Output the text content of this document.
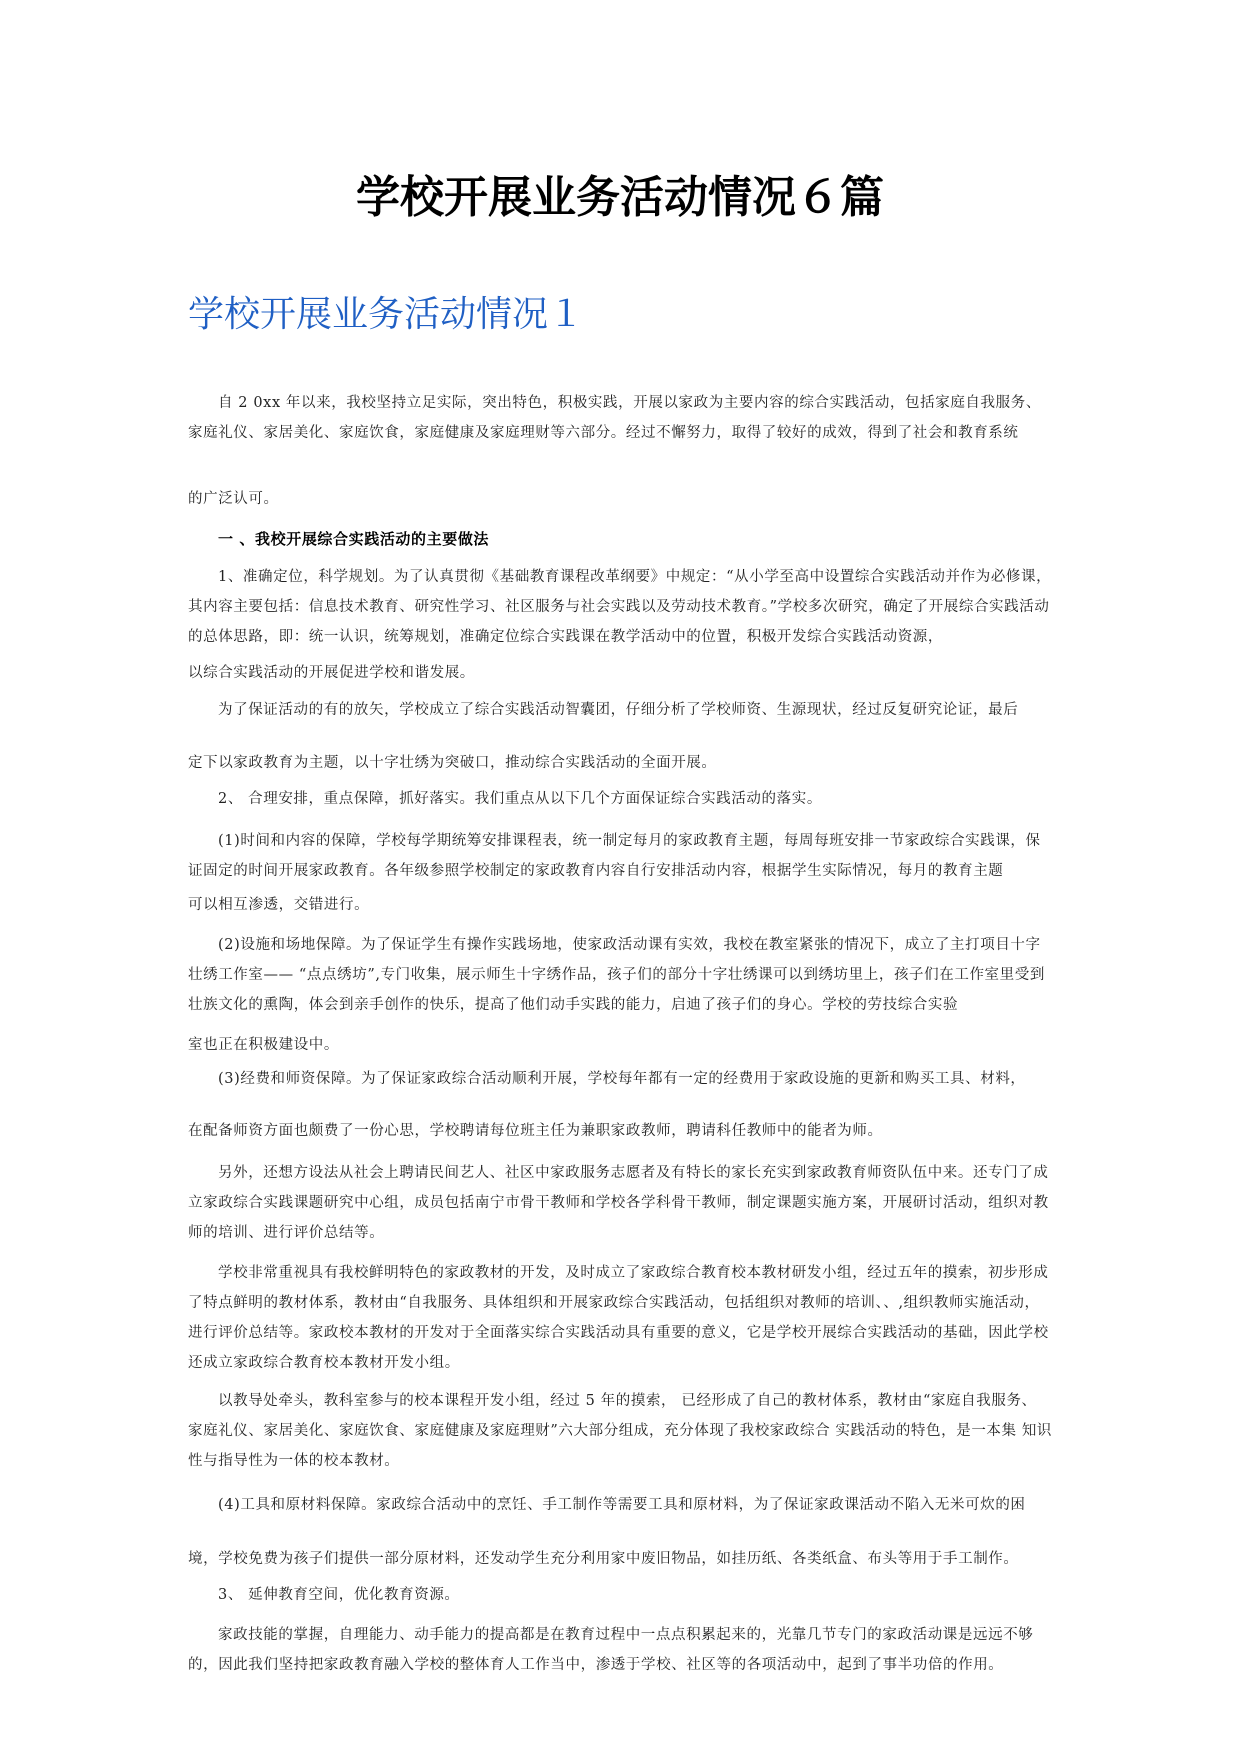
学校开展业务活动情况６篇
学校开展业务活动情况１

自 2 0xx 年以来，我校坚持立足实际，突出特色，积极实践，开展以家政为主要内容的综合实践活动，包括家庭自我服务、 家庭礼仪、家居美化、家庭饮食，家庭健康及家庭理财等六部分。经过不懈努力，取得了较好的成效，得到了社会和教育系统

的广泛认可。

一 、我校开展综合实践活动的主要做法

1、准确定位，科学规划。为了认真贯彻《基础教育课程改革纲要》中规定：“从小学至高中设置综合实践活动并作为必修课，其内容主要包括：信息技术教育、研究性学习、社区服务与社会实践以及劳动技术教育。”学校多次研究，确定了开展综合实践活动的总体思路，即：统一认识，统筹规划，准确定位综合实践课在教学活动中的位置，积极开发综合实践活动资源，

以综合实践活动的开展促进学校和谐发展。

为了保证活动的有的放矢，学校成立了综合实践活动智囊团，仔细分析了学校师资、生源现状，经过反复研究论证，最后

定下以家政教育为主题，以十字壮绣为突破口，推动综合实践活动的全面开展。

2、 合理安排，重点保障，抓好落实。我们重点从以下几个方面保证综合实践活动的落实。

(1)时间和内容的保障，学校每学期统筹安排课程表，统一制定每月的家政教育主题，每周每班安排一节家政综合实践课，保证固定的时间开展家政教育。各年级参照学校制定的家政教育内容自行安排活动内容，根据学生实际情况，每月的教育主题

可以相互渗透，交错进行。

(2)设施和场地保障。为了保证学生有操作实践场地，使家政活动课有实效，我校在教室紧张的情况下，成立了主打项目十字壮绣工作室—— “点点绣坊”,专门收集，展示师生十字绣作品，孩子们的部分十字壮绣课可以到绣坊里上，孩子们在工作室里受到壮族文化的熏陶，体会到亲手创作的快乐，提高了他们动手实践的能力，启迪了孩子们的身心。学校的劳技综合实验

室也正在积极建设中。

(3)经费和师资保障。为了保证家政综合活动顺利开展，学校每年都有一定的经费用于家政设施的更新和购买工具、材料，

在配备师资方面也颇费了一份心思，学校聘请每位班主任为兼职家政教师，聘请科任教师中的能者为师。

另外，还想方设法从社会上聘请民间艺人、社区中家政服务志愿者及有特长的家长充实到家政教育师资队伍中来。还专门了成立家政综合实践课题研究中心组，成员包括南宁市骨干教师和学校各学科骨干教师，制定课题实施方案，开展研讨活动，组织对教师的培训、进行评价总结等。

学校非常重视具有我校鲜明特色的家政教材的开发，及时成立了家政综合教育校本教材研发小组，经过五年的摸索，初步形成了特点鲜明的教材体系，教材由“自我服务、具体组织和开展家政综合实践活动，包括组织对教师的培训、、,组织教师实施活动，进行评价总结等。家政校本教材的开发对于全面落实综合实践活动具有重要的意义，它是学校开展综合实践活动的基础，因此学校还成立家政综合教育校本教材开发小组。

以教导处牵头，教科室参与的校本课程开发小组，经过 5 年的摸索， 已经形成了自己的教材体系，教材由“家庭自我服务、 家庭礼仪、家居美化、家庭饮食、家庭健康及家庭理财”六大部分组成，充分体现了我校家政综合 实践活动的特色，是一本集 知识性与指导性为一体的校本教材。

(4)工具和原材料保障。家政综合活动中的烹饪、手工制作等需要工具和原材料，为了保证家政课活动不陷入无米可炊的困

境，学校免费为孩子们提供一部分原材料，还发动学生充分利用家中废旧物品，如挂历纸、各类纸盒、布头等用于手工制作。

3、 延伸教育空间，优化教育资源。

家政技能的掌握，自理能力、动手能力的提高都是在教育过程中一点点积累起来的，光靠几节专门的家政活动课是远远不够的，因此我们坚持把家政教育融入学校的整体育人工作当中，渗透于学校、社区等的各项活动中，起到了事半功倍的作用。
